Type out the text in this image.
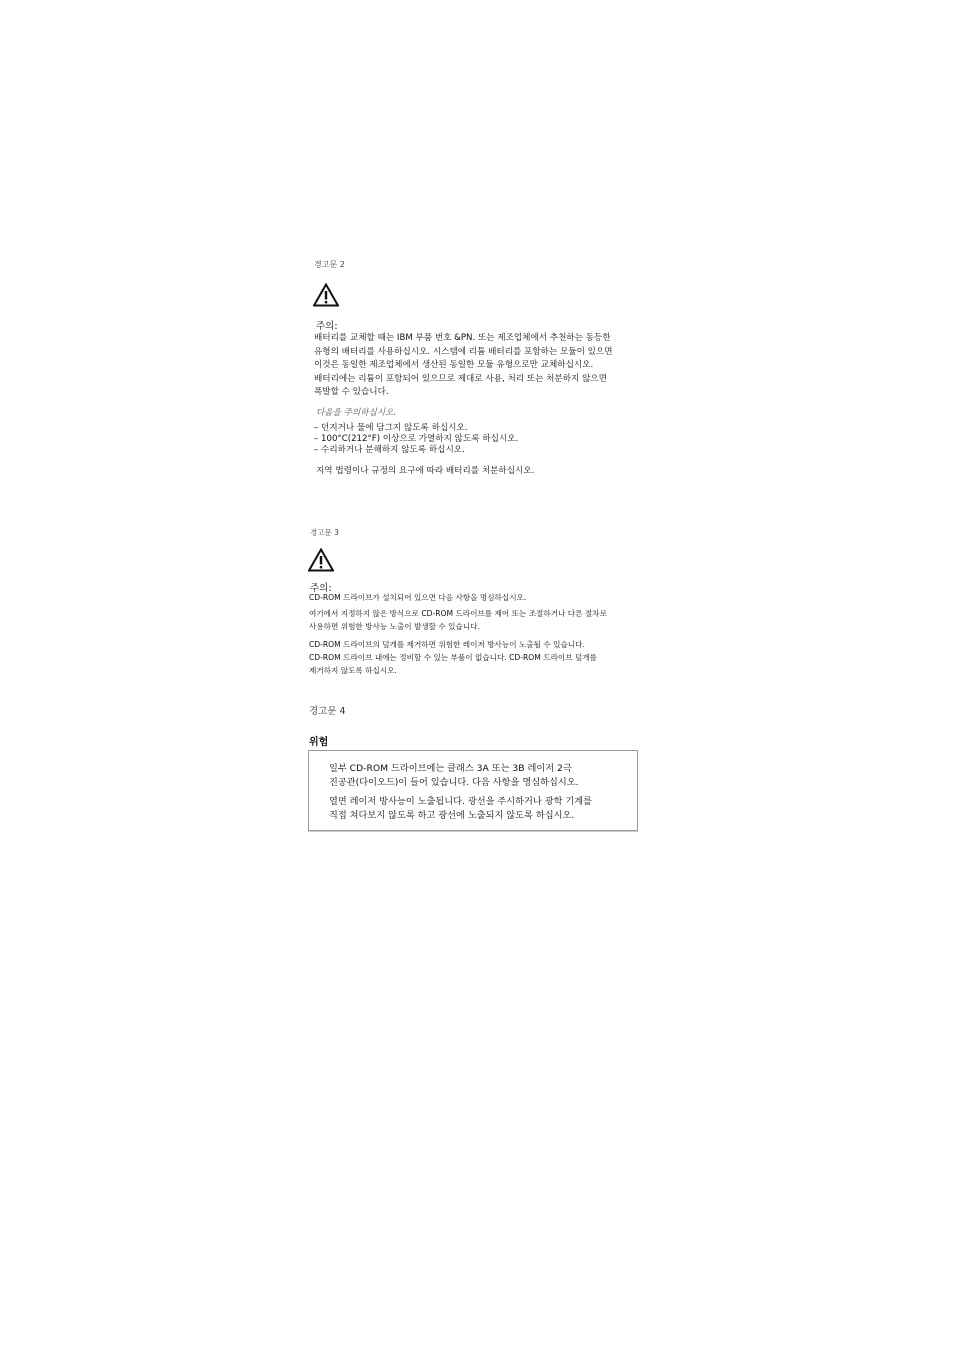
경고문 2
주의:
배터리를 교체할 때는 IBM 부품 번호 &PN. 또는 제조업체에서 추천하는 동등한
유형의 배터리를 사용하십시오. 시스템에 리튬 배터리를 포함하는 모듈이 있으면
이것은 동일한 제조업체에서 생산된 동일한 모듈 유형으로만 교체하십시오.
배터리에는 리튬이 포함되어 있으므로 제대로 사용, 처리 또는 처분하지 않으면
폭발할 수 있습니다.
다음을 주의하십시오.
– 던지거나 물에 담그지 않도록 하십시오.
– 100°C(212°F) 이상으로 가열하지 않도록 하십시오.
– 수리하거나 분해하지 않도록 하십시오.
지역 법령이나 규정의 요구에 따라 배터리를 처분하십시오.
경고문 3
주의:
CD-ROM 드라이브가 설치되어 있으면 다음 사항을 명심하십시오.
여기에서 지정하지 않은 방식으로 CD-ROM 드라이브를 제어 또는 조절하거나 다른 절차로
사용하면 위험한 방사능 노출이 발생할 수 있습니다.
CD-ROM 드라이브의 덮개를 제거하면 위험한 레이저 방사능이 노출될 수 있습니다.
CD-ROM 드라이브 내에는 정비할 수 있는 부품이 없습니다. CD-ROM 드라이브 덮개를
제거하지 않도록 하십시오.
경고문 4
위험
일부 CD-ROM 드라이브에는 클래스 3A 또는 3B 레이저 2극
진공관(다이오드)이 들어 있습니다. 다음 사항을 명심하십시오.
열면 레이저 방사능이 노출됩니다. 광선을 주시하거나 광학 기계를
직접 쳐다보지 않도록 하고 광선에 노출되지 않도록 하십시오.
